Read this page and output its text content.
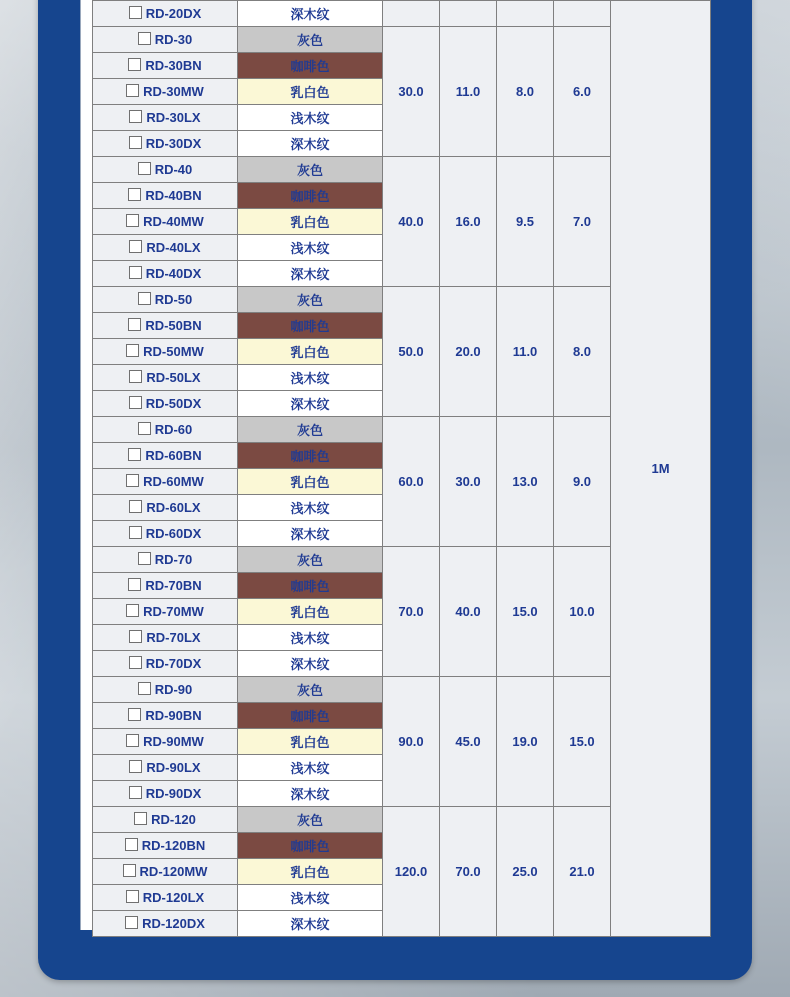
RD-20DX	深木纹					1M
RD-30	灰色	30.0	11.0	8.0	6.0	
RD-30BN	咖啡色					
RD-30MW	乳白色					
RD-30LX	浅木纹					
RD-30DX	深木纹					
RD-40	灰色	40.0	16.0	9.5	7.0	
RD-40BN	咖啡色					
RD-40MW	乳白色					
RD-40LX	浅木纹					
RD-40DX	深木纹					
RD-50	灰色	50.0	20.0	11.0	8.0	
RD-50BN	咖啡色					
RD-50MW	乳白色					
RD-50LX	浅木纹					
RD-50DX	深木纹					
RD-60	灰色	60.0	30.0	13.0	9.0	
RD-60BN	咖啡色					
RD-60MW	乳白色					
RD-60LX	浅木纹					
RD-60DX	深木纹					
RD-70	灰色	70.0	40.0	15.0	10.0	
RD-70BN	咖啡色					
RD-70MW	乳白色					
RD-70LX	浅木纹					
RD-70DX	深木纹					
RD-90	灰色	90.0	45.0	19.0	15.0	
RD-90BN	咖啡色					
RD-90MW	乳白色					
RD-90LX	浅木纹					
RD-90DX	深木纹					
RD-120	灰色	120.0	70.0	25.0	21.0	
RD-120BN	咖啡色					
RD-120MW	乳白色					
RD-120LX	浅木纹					
RD-120DX	深木纹					
